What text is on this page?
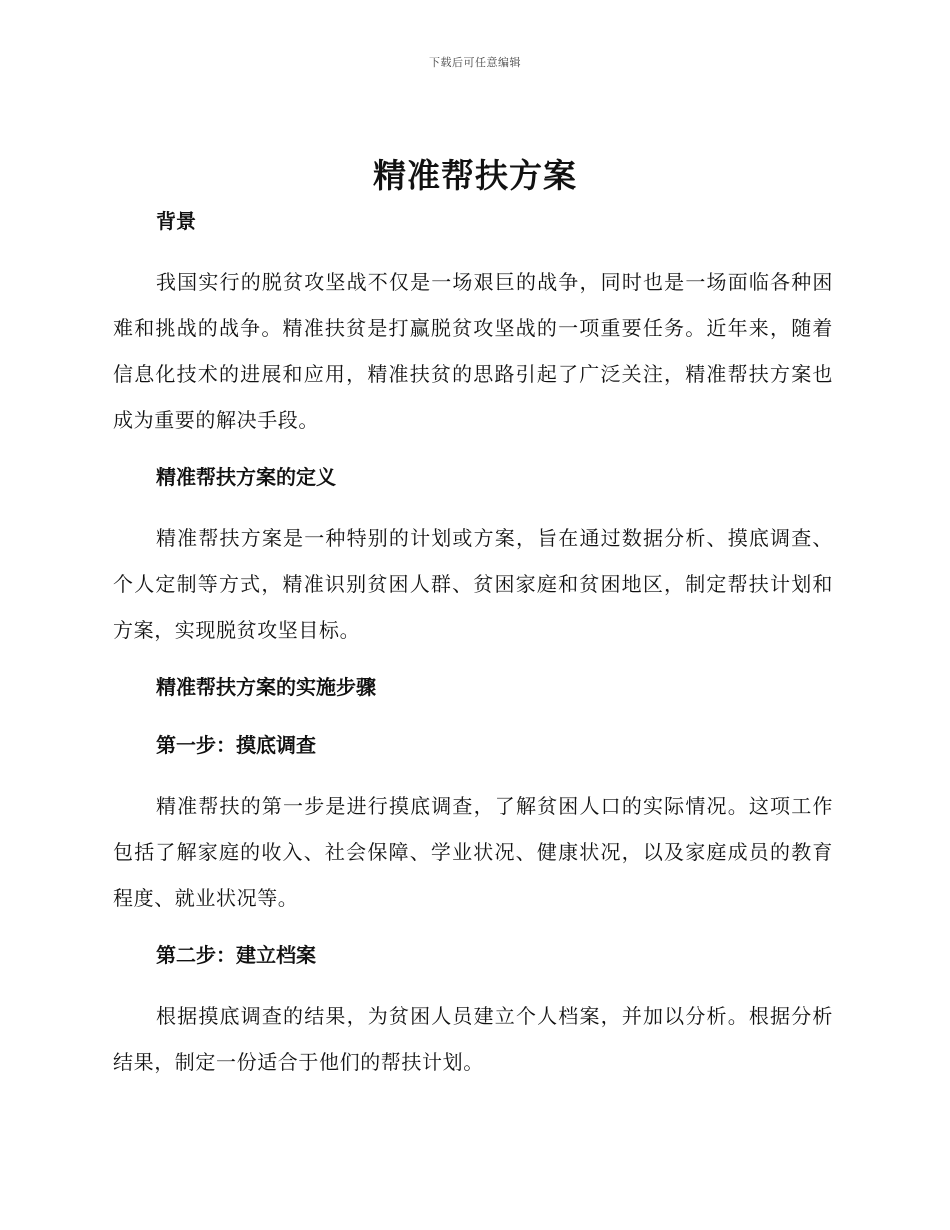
下载后可任意编辑
精准帮扶方案
背景

我国实行的脱贫攻坚战不仅是一场艰巨的战争，同时也是一场面临各种困难和挑战的战争。精准扶贫是打赢脱贫攻坚战的一项重要任务。近年来，随着信息化技术的进展和应用，精准扶贫的思路引起了广泛关注，精准帮扶方案也成为重要的解决手段。

精准帮扶方案的定义

精准帮扶方案是一种特别的计划或方案，旨在通过数据分析、摸底调查、个人定制等方式，精准识别贫困人群、贫困家庭和贫困地区，制定帮扶计划和方案，实现脱贫攻坚目标。

精准帮扶方案的实施步骤
第一步：摸底调查

精准帮扶的第一步是进行摸底调查，了解贫困人口的实际情况。这项工作包括了解家庭的收入、社会保障、学业状况、健康状况，以及家庭成员的教育程度、就业状况等。

第二步：建立档案

根据摸底调查的结果，为贫困人员建立个人档案，并加以分析。根据分析结果，制定一份适合于他们的帮扶计划。
